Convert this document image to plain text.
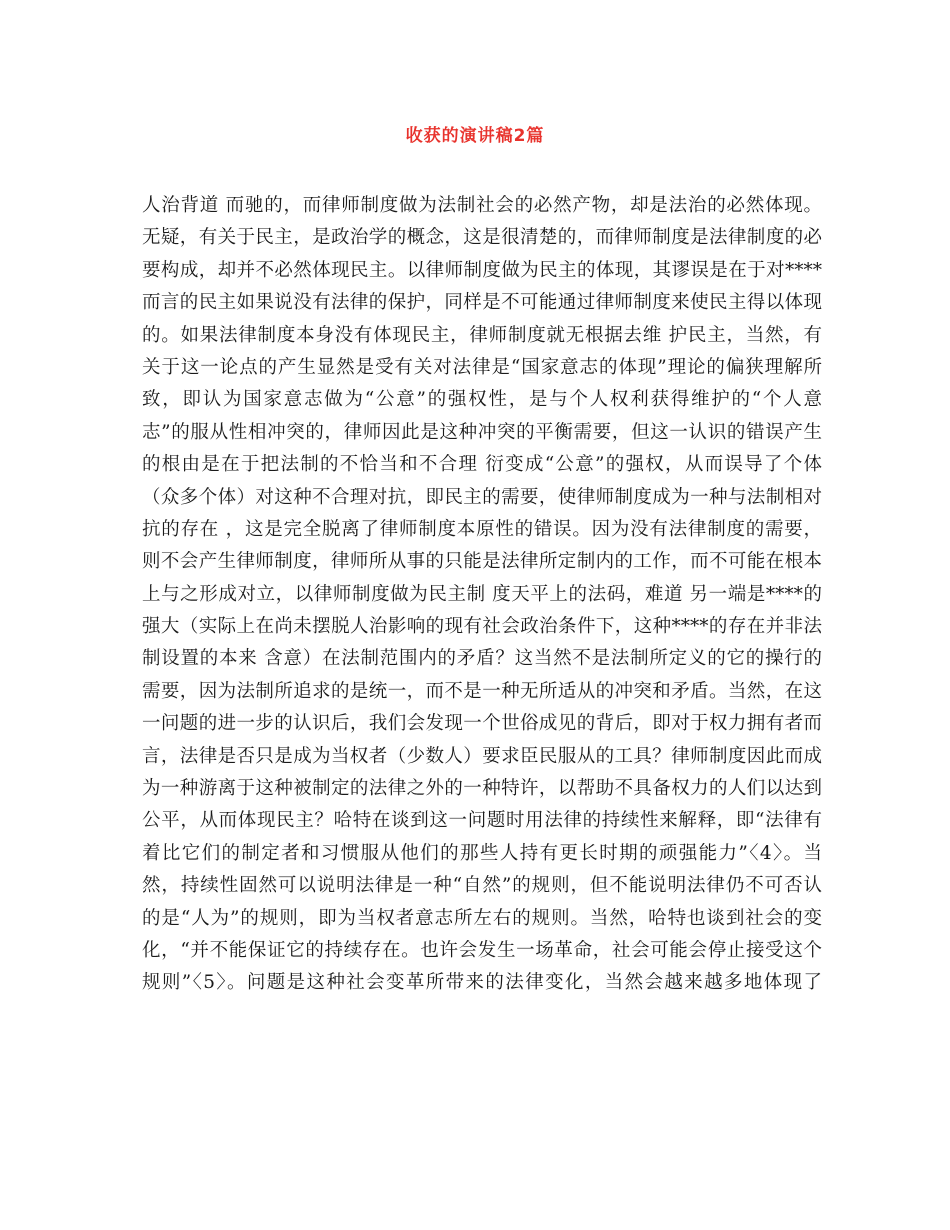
收获的演讲稿2篇
人治背道 而驰的，而律师制度做为法制社会的必然产物，却是法治的必然体现。
无疑，有关于民主，是政治学的概念，这是很清楚的，而律师制度是法律制度的必
要构成，却并不必然体现民主。以律师制度做为民主的体现，其谬误是在于对****
而言的民主如果说没有法律的保护，同样是不可能通过律师制度来使民主得以体现
的。如果法律制度本身没有体现民主，律师制度就无根据去维 护民主，当然，有
关于这一论点的产生显然是受有关对法律是“国家意志的体现”理论的偏狭理解所
致，即认为国家意志做为“公意”的强权性，是与个人权利获得维护的“个人意
志”的服从性相冲突的，律师因此是这种冲突的平衡需要，但这一认识的错误产生
的根由是在于把法制的不恰当和不合理 衍变成“公意”的强权，从而误导了个体
（众多个体）对这种不合理对抗，即民主的需要，使律师制度成为一种与法制相对
抗的存在 ，这是完全脱离了律师制度本原性的错误。因为没有法律制度的需要，
则不会产生律师制度，律师所从事的只能是法律所定制内的工作，而不可能在根本
上与之形成对立，以律师制度做为民主制 度天平上的法码，难道 另一端是****的
强大（实际上在尚未摆脱人治影响的现有社会政治条件下，这种****的存在并非法
制设置的本来 含意）在法制范围内的矛盾？这当然不是法制所定义的它的操行的
需要，因为法制所追求的是统一，而不是一种无所适从的冲突和矛盾。当然，在这
一问题的进一步的认识后，我们会发现一个世俗成见的背后，即对于权力拥有者而
言，法律是否只是成为当权者（少数人）要求臣民服从的工具？律师制度因此而成
为一种游离于这种被制定的法律之外的一种特许，以帮助不具备权力的人们以达到
公平，从而体现民主？哈特在谈到这一问题时用法律的持续性来解释，即“法律有
着比它们的制定者和习惯服从他们的那些人持有更长时期的顽强能力”〈4〉。当
然，持续性固然可以说明法律是一种“自然”的规则，但不能说明法律仍不可否认
的是“人为”的规则，即为当权者意志所左右的规则。当然，哈特也谈到社会的变
化，“并不能保证它的持续存在。也许会发生一场革命，社会可能会停止接受这个
规则”〈5〉。问题是这种社会变革所带来的法律变化，当然会越来越多地体现了
